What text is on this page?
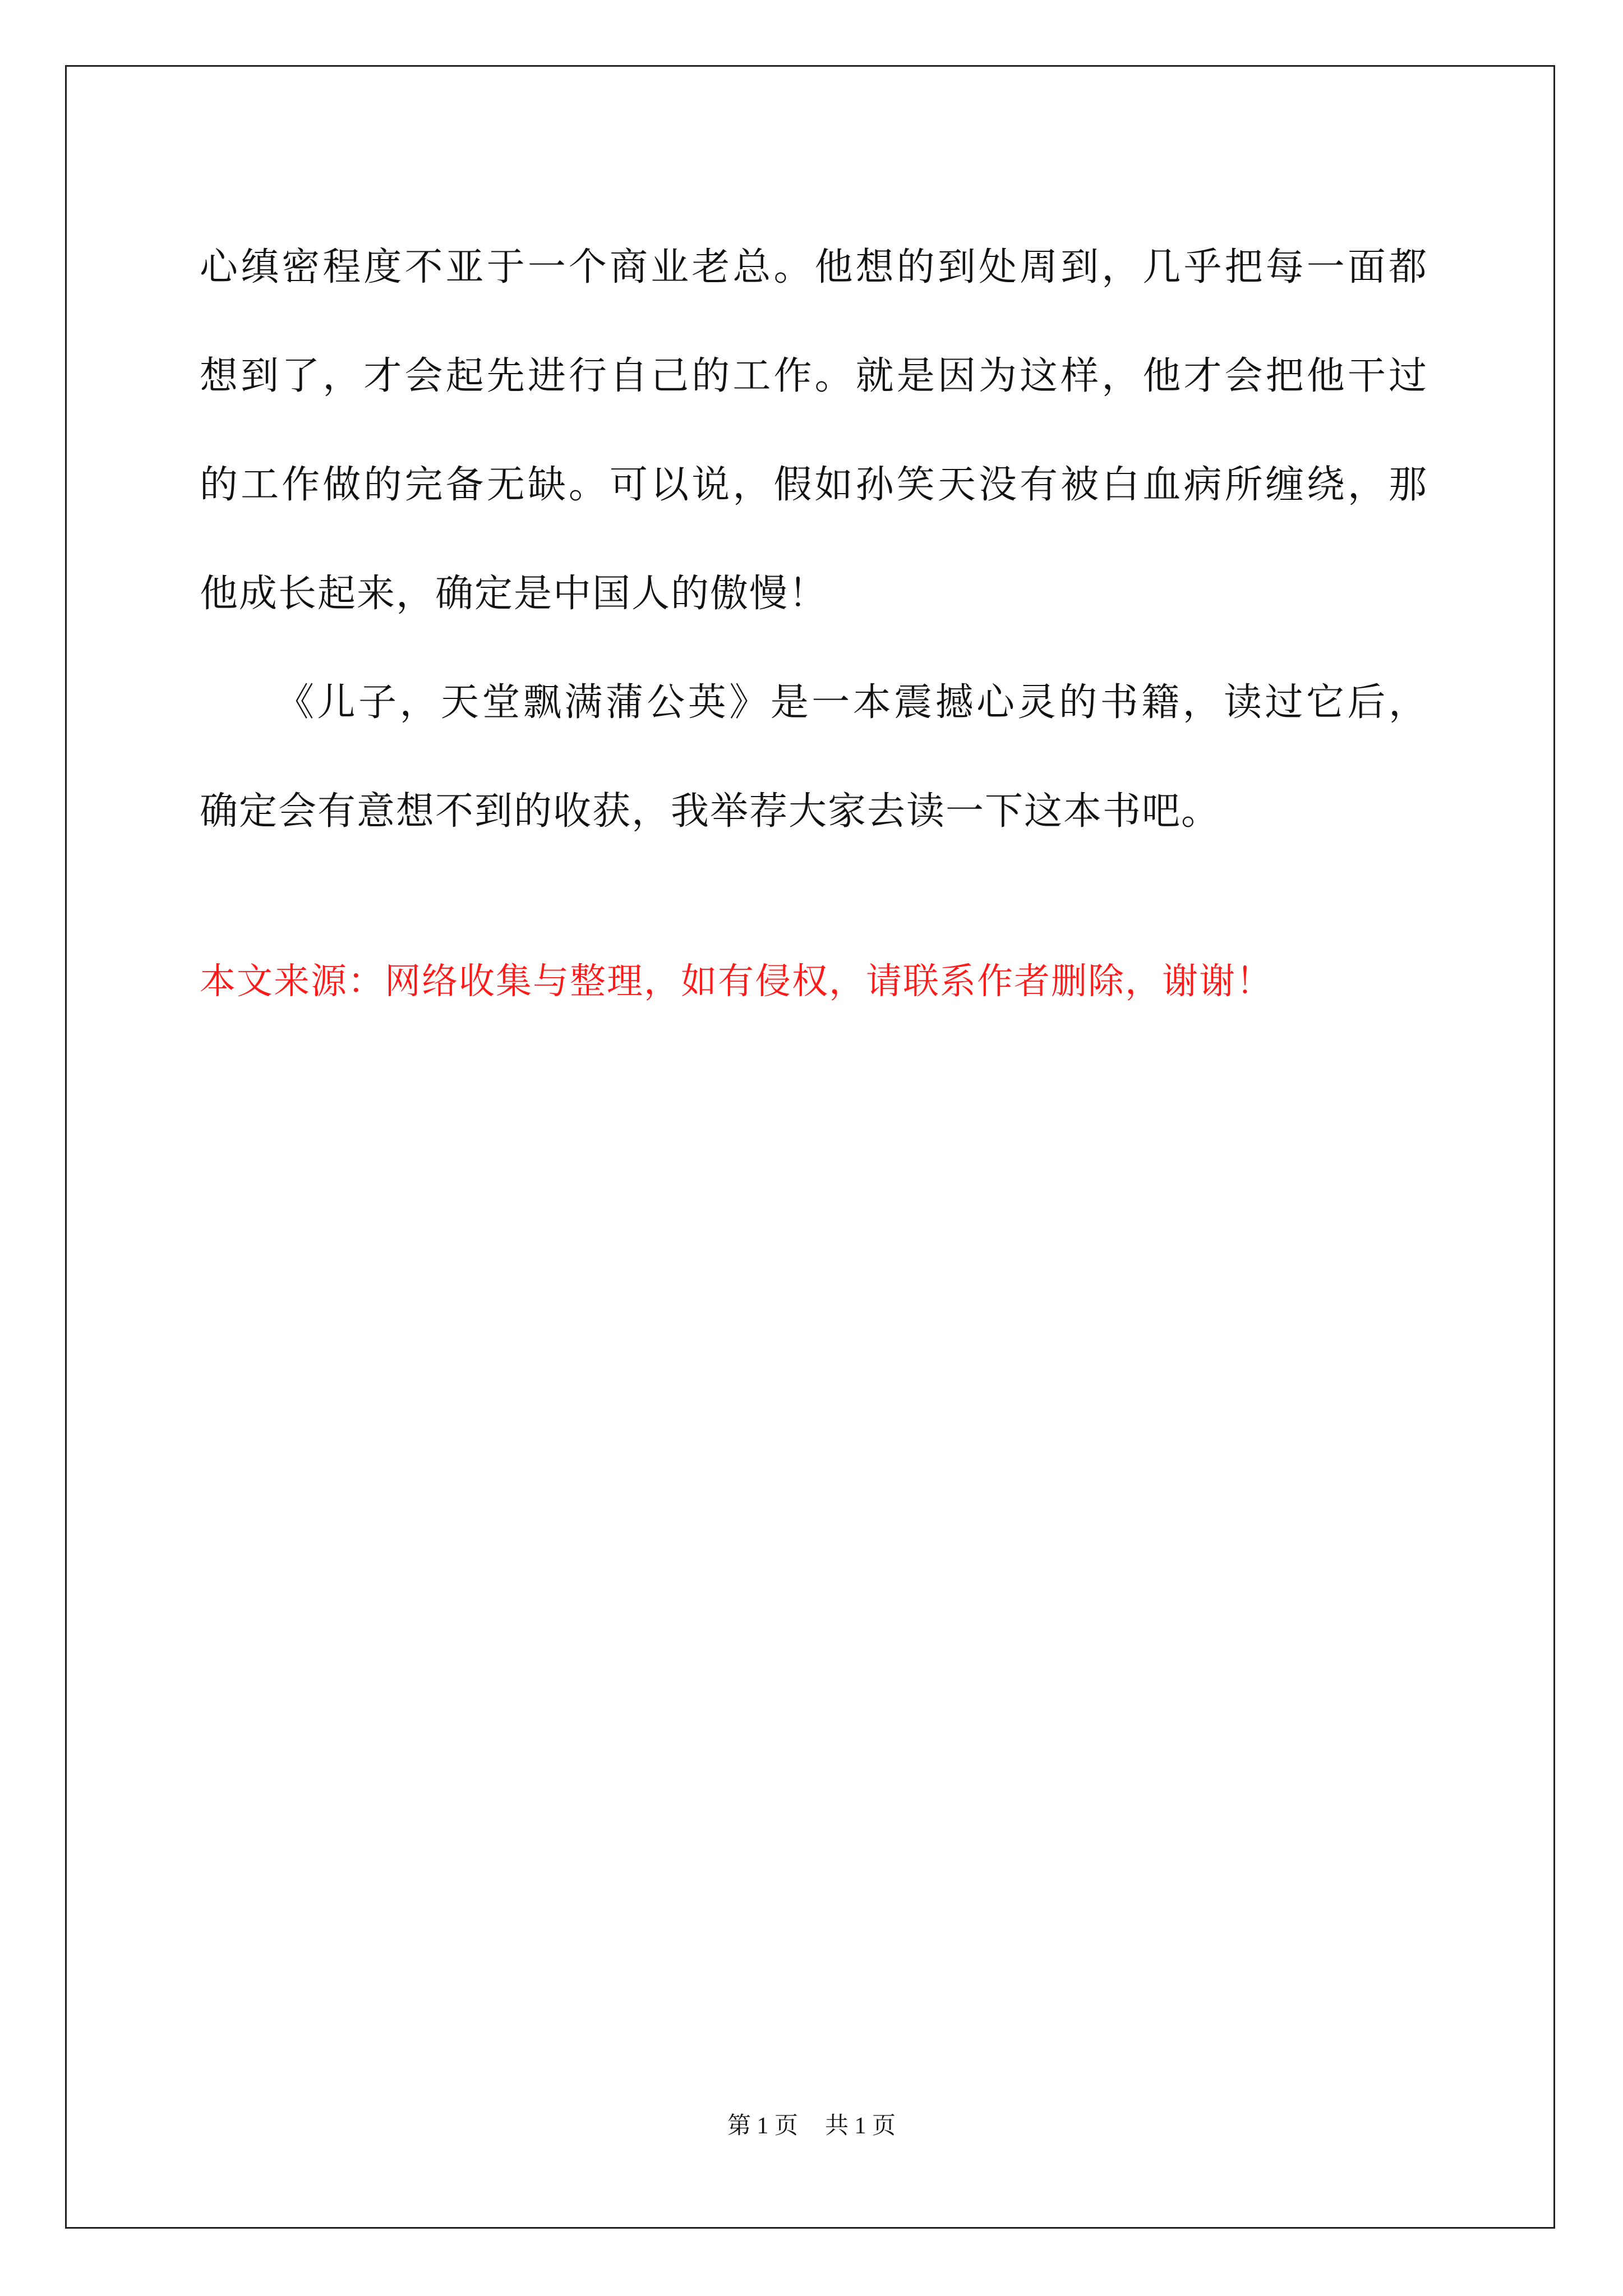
心缜密程度不亚于一个商业老总。他想的到处周到，几乎把每一面都

想到了，才会起先进行自己的工作。就是因为这样，他才会把他干过

的工作做的完备无缺。可以说，假如孙笑天没有被白血病所缠绕，那

他成长起来，确定是中国人的傲慢！

《儿子，天堂飘满蒲公英》是一本震撼心灵的书籍，读过它后，

确定会有意想不到的收获，我举荐大家去读一下这本书吧。

本文来源：网络收集与整理，如有侵权，请联系作者删除，谢谢！

第 1 页 共 1 页
